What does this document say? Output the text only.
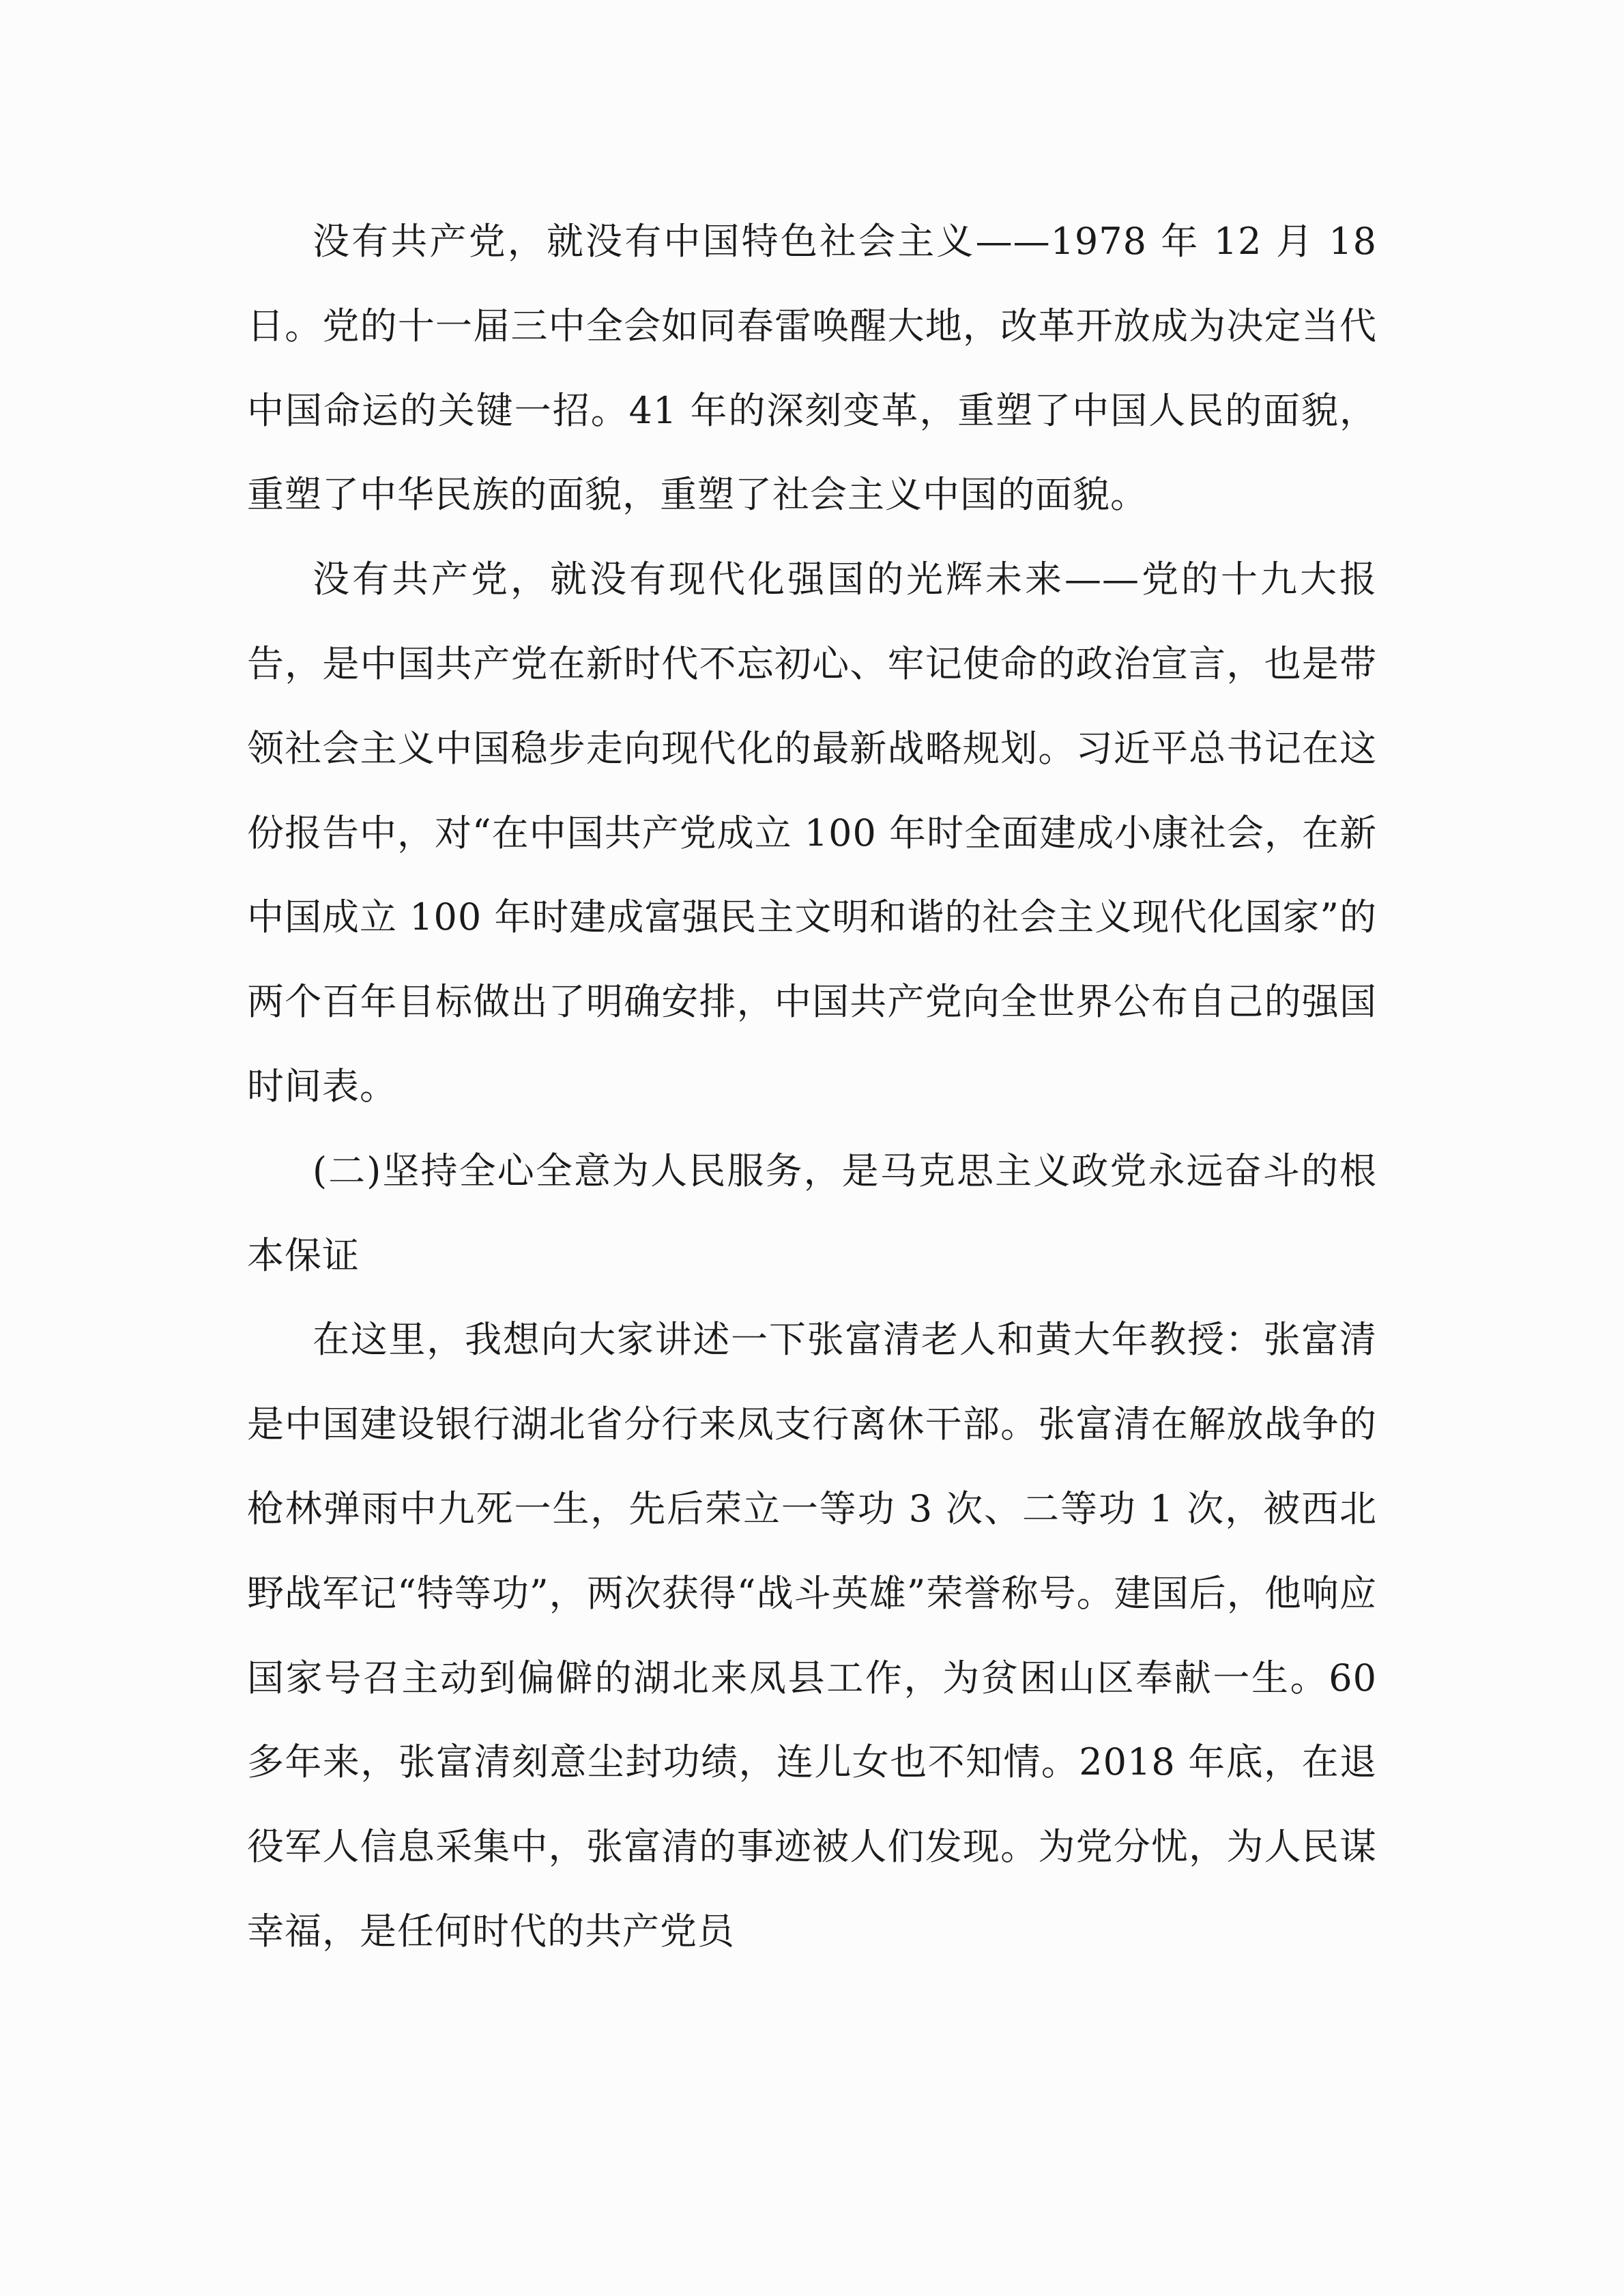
没有共产党，就没有中国特色社会主义——1978 年 12 月 18 日。党的十一届三中全会如同春雷唤醒大地，改革开放成为决定当代中国命运的关键一招。41 年的深刻变革，重塑了中国人民的面貌，重塑了中华民族的面貌，重塑了社会主义中国的面貌。

没有共产党，就没有现代化强国的光辉未来——党的十九大报告，是中国共产党在新时代不忘初心、牢记使命的政治宣言，也是带领社会主义中国稳步走向现代化的最新战略规划。习近平总书记在这份报告中，对“在中国共产党成立 100 年时全面建成小康社会，在新中国成立 100 年时建成富强民主文明和谐的社会主义现代化国家”的两个百年目标做出了明确安排，中国共产党向全世界公布自己的强国时间表。

(二)坚持全心全意为人民服务，是马克思主义政党永远奋斗的根本保证

在这里，我想向大家讲述一下张富清老人和黄大年教授：张富清是中国建设银行湖北省分行来凤支行离休干部。张富清在解放战争的枪林弹雨中九死一生，先后荣立一等功 3 次、二等功 1 次，被西北野战军记“特等功”，两次获得“战斗英雄”荣誉称号。建国后，他响应国家号召主动到偏僻的湖北来凤县工作，为贫困山区奉献一生。60 多年来，张富清刻意尘封功绩，连儿女也不知情。2018 年底，在退役军人信息采集中，张富清的事迹被人们发现。为党分忧，为人民谋幸福，是任何时代的共产党员
